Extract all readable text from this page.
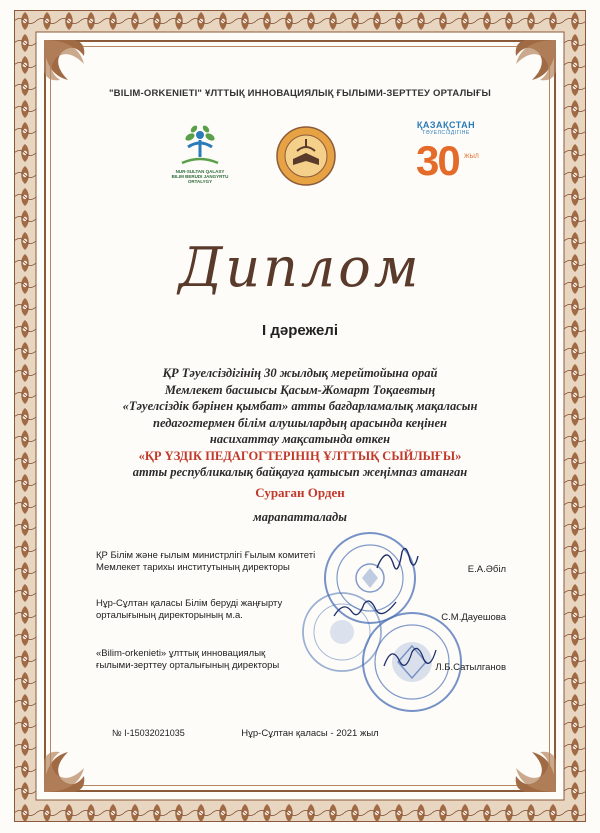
"BILIM-ORKENIETI" ҰЛТТЫҚ ИННОВАЦИЯЛЫҚ ҒЫЛЫМИ-ЗЕРТТЕУ ОРТАЛЫҒЫ
NUR-SULTAN QALASY
BILIM BERUDI JANGYRTU ORTALYGY
ҚАЗАҚСТАН
ТӘУЕЛСІЗДІГІНЕ
30 ЖЫЛ
Диплом
I дәрежелі
ҚР Тәуелсіздігінің 30 жылдық мерейтойына орай
Мемлекет басшысы Қасым-Жомарт Тоқаевтың
«Тәуелсіздік бәрінен қымбат» атты бағдарламалық мақаласын
педагогтермен білім алушылардың арасында кеңінен
насихаттау мақсатында өткен
«ҚР ҮЗДІК ПЕДАГОГТЕРІНІҢ ҰЛТТЫҚ СЫЙЛЫҒЫ»
атты республикалық байқауға қатысып жеңімпаз атанған
Сураган Орден
марапатталады
ҚР Білім және ғылым министрлігі Ғылым комитеті
Мемлекет тарихы институтының директоры	Е.А.Әбіл
Нұр-Сұлтан қаласы Білім беруді жаңғырту
орталығының директорының м.а.	С.М.Дауешова
«Bilim-orkenieti» ұлттық инновациялық
ғылыми-зерттеу орталығының директоры	Л.Б.Сатылганов
№ I-15032021035	Нұр-Сұлтан қаласы - 2021 жыл
